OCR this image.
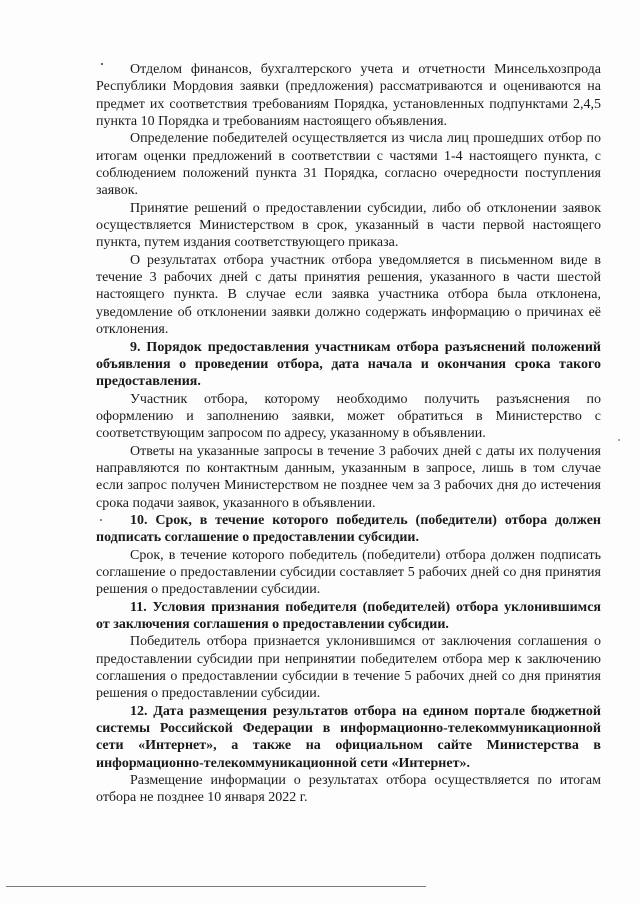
Отделом финансов, бухгалтерского учета и отчетности Минсельхозпрода Республики Мордовия заявки (предложения) рассматриваются и оцениваются на предмет их соответствия требованиям Порядка, установленных подпунктами 2,4,5 пункта 10 Порядка и требованиям настоящего объявления.

Определение победителей осуществляется из числа лиц прошедших отбор по итогам оценки предложений в соответствии с частями 1-4 настоящего пункта, с соблюдением положений пункта 31 Порядка, согласно очередности поступления заявок.

Принятие решений о предоставлении субсидии, либо об отклонении заявок осуществляется Министерством в срок, указанный в части первой настоящего пункта, путем издания соответствующего приказа.

О результатах отбора участник отбора уведомляется в письменном виде в течение 3 рабочих дней с даты принятия решения, указанного в части шестой настоящего пункта. В случае если заявка участника отбора была отклонена, уведомление об отклонении заявки должно содержать информацию о причинах её отклонения.

9. Порядок предоставления участникам отбора разъяснений положений объявления о проведении отбора, дата начала и окончания срока такого предоставления.

Участник отбора, которому необходимо получить разъяснения по оформлению и заполнению заявки, может обратиться в Министерство с соответствующим запросом по адресу, указанному в объявлении.

Ответы на указанные запросы в течение 3 рабочих дней с даты их получения направляются по контактным данным, указанным в запросе, лишь в том случае если запрос получен Министерством не позднее чем за 3 рабочих дня до истечения срока подачи заявок, указанного в объявлении.

10. Срок, в течение которого победитель (победители) отбора должен подписать соглашение о предоставлении субсидии.

Срок, в течение которого победитель (победители) отбора должен подписать соглашение о предоставлении субсидии составляет 5 рабочих дней со дня принятия решения о предоставлении субсидии.

11. Условия признания победителя (победителей) отбора уклонившимся от заключения соглашения о предоставлении субсидии.

Победитель отбора признается уклонившимся от заключения соглашения о предоставлении субсидии при непринятии победителем отбора мер к заключению соглашения о предоставлении субсидии в течение 5 рабочих дней со дня принятия решения о предоставлении субсидии.

12. Дата размещения результатов отбора на едином портале бюджетной системы Российской Федерации в информационно-телекоммуникационной сети «Интернет», а также на официальном сайте Министерства в информационно-телекоммуникационной сети «Интернет».

Размещение информации о результатах отбора осуществляется по итогам отбора не позднее 10 января 2022 г.
